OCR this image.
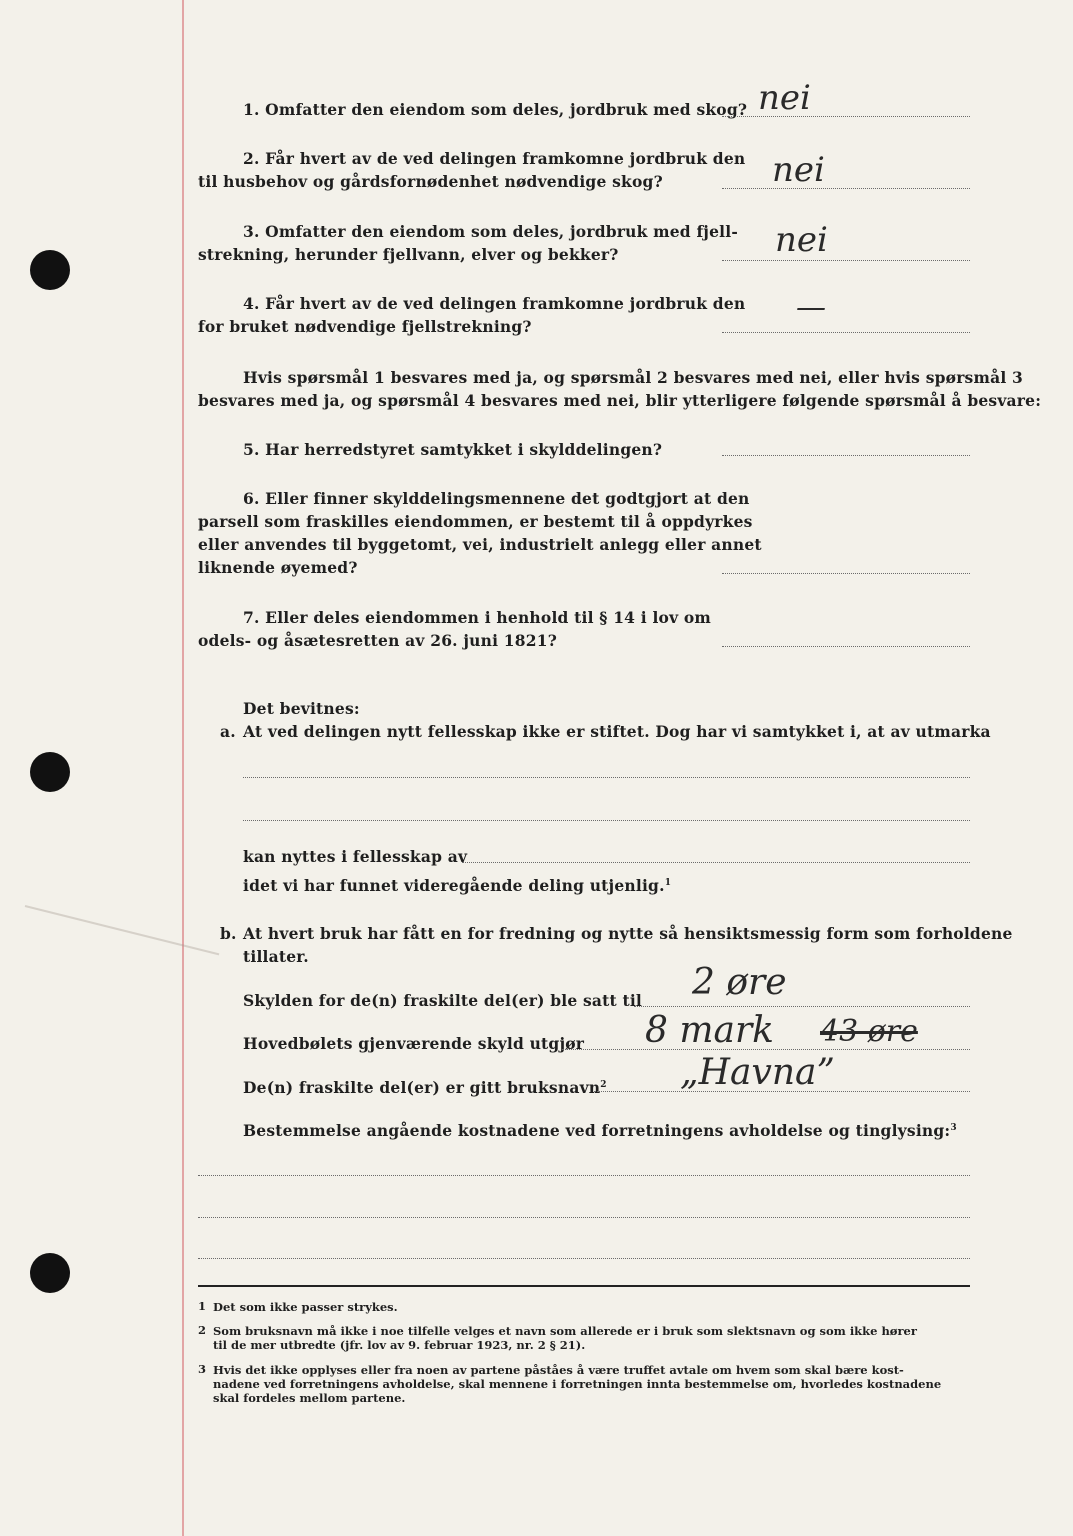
1. Omfatter den eiendom som deles, jordbruk med skog? nei
2. Får hvert av de ved delingen framkomne jordbruk den
til husbehov og gårdsfornødenhet nødvendige skog?	nei
3. Omfatter den eiendom som deles, jordbruk med fjell-
strekning, herunder fjellvann, elver og bekker?	nei
4. Får hvert av de ved delingen framkomne jordbruk den
for bruket nødvendige fjellstrekning?
—
Hvis spørsmål 1 besvares med ja, og spørsmål 2 besvares med nei, eller hvis spørsmål 3
besvares med ja, og spørsmål 4 besvares med nei, blir ytterligere følgende spørsmål å besvare:
5. Har herredstyret samtykket i skylddelingen?
6. Eller finner skylddelingsmennene det godtgjort at den
parsell som fraskilles eiendommen, er bestemt til å oppdyrkes
eller anvendes til byggetomt, vei, industrielt anlegg eller annet
liknende øyemed?
7. Eller deles eiendommen i henhold til § 14 i lov om
odels- og åsætesretten av 26. juni 1821?
Det bevitnes:
a. At ved delingen nytt fellesskap ikke er stiftet. Dog har vi samtykket i, at av utmarka
kan nyttes i fellesskap av
idet vi har funnet videregående deling utjenlig.$^1$
b. At hvert bruk har fått en for fredning og nytte så hensiktsmessig form som forholdene
tillater.
Skylden for de(n) fraskilte del(er) ble satt til 2 øre
Hovedbølets gjenværende skyld utgjør 8 mark 43 øre
De(n) fraskilte del(er) er gitt bruksnavn$^2$ „Havna”
Bestemmelse angående kostnadene ved forretningens avholdelse og tinglysing:$^3$
1 Det som ikke passer strykes.
2 Som bruksnavn må ikke i noe tilfelle velges et navn som allerede er i bruk som slektsnavn og som ikke hører
til de mer utbredte (jfr. lov av 9. februar 1923, nr. 2 § 21).
3 Hvis det ikke opplyses eller fra noen av partene påståes å være truffet avtale om hvem som skal bære kost-
nadene ved forretningens avholdelse, skal mennene i forretningen inntа bestemmelse om, hvorledes kostnadene
skal fordeles mellom partene.
